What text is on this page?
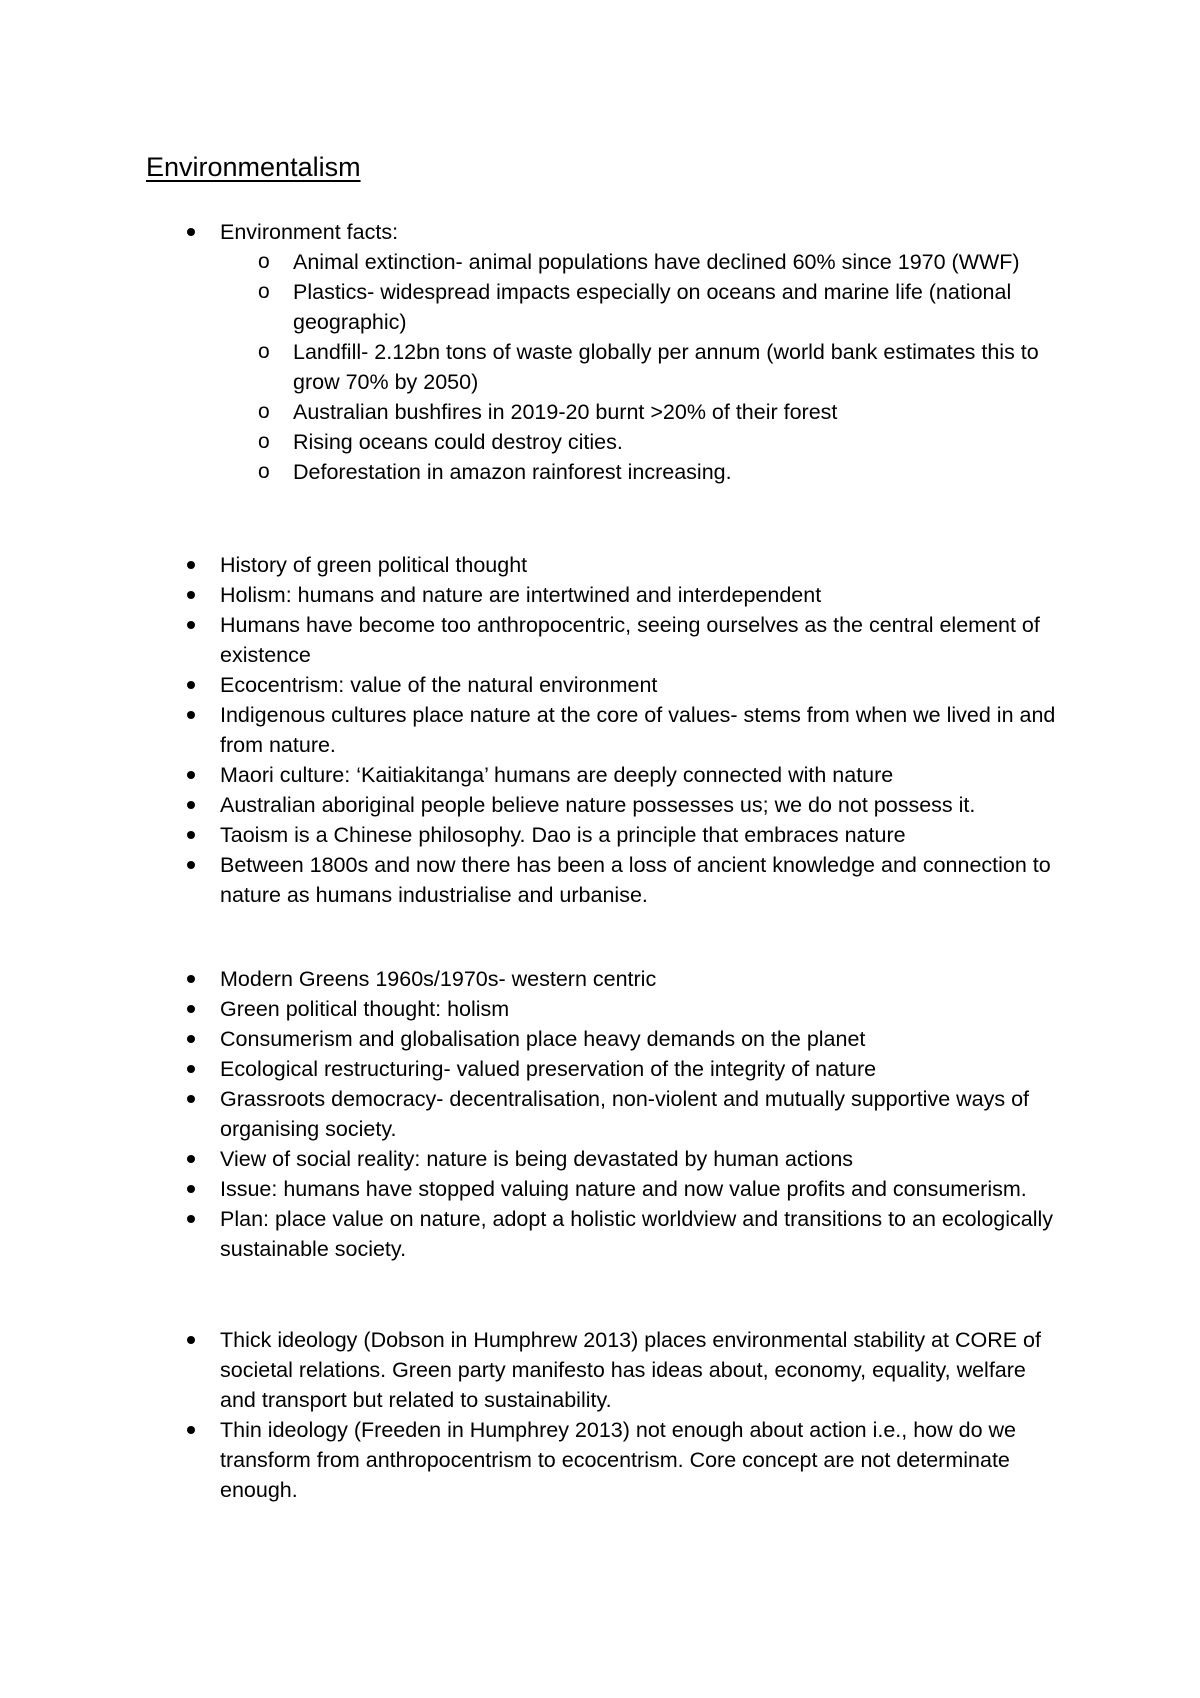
Environmentalism
Environment facts:
o Animal extinction- animal populations have declined 60% since 1970 (WWF)
o Plastics- widespread impacts especially on oceans and marine life (national geographic)
o Landfill- 2.12bn tons of waste globally per annum (world bank estimates this to grow 70% by 2050)
o Australian bushfires in 2019-20 burnt >20% of their forest
o Rising oceans could destroy cities.
o Deforestation in amazon rainforest increasing.
History of green political thought
Holism: humans and nature are intertwined and interdependent
Humans have become too anthropocentric, seeing ourselves as the central element of existence
Ecocentrism: value of the natural environment
Indigenous cultures place nature at the core of values- stems from when we lived in and from nature.
Maori culture: ‘Kaitiakitanga’ humans are deeply connected with nature
Australian aboriginal people believe nature possesses us; we do not possess it.
Taoism is a Chinese philosophy. Dao is a principle that embraces nature
Between 1800s and now there has been a loss of ancient knowledge and connection to nature as humans industrialise and urbanise.
Modern Greens 1960s/1970s- western centric
Green political thought: holism
Consumerism and globalisation place heavy demands on the planet
Ecological restructuring- valued preservation of the integrity of nature
Grassroots democracy- decentralisation, non-violent and mutually supportive ways of organising society.
View of social reality: nature is being devastated by human actions
Issue: humans have stopped valuing nature and now value profits and consumerism.
Plan: place value on nature, adopt a holistic worldview and transitions to an ecologically sustainable society.
Thick ideology (Dobson in Humphrew 2013) places environmental stability at CORE of societal relations. Green party manifesto has ideas about, economy, equality, welfare and transport but related to sustainability.
Thin ideology (Freeden in Humphrey 2013) not enough about action i.e., how do we transform from anthropocentrism to ecocentrism. Core concept are not determinate enough.
